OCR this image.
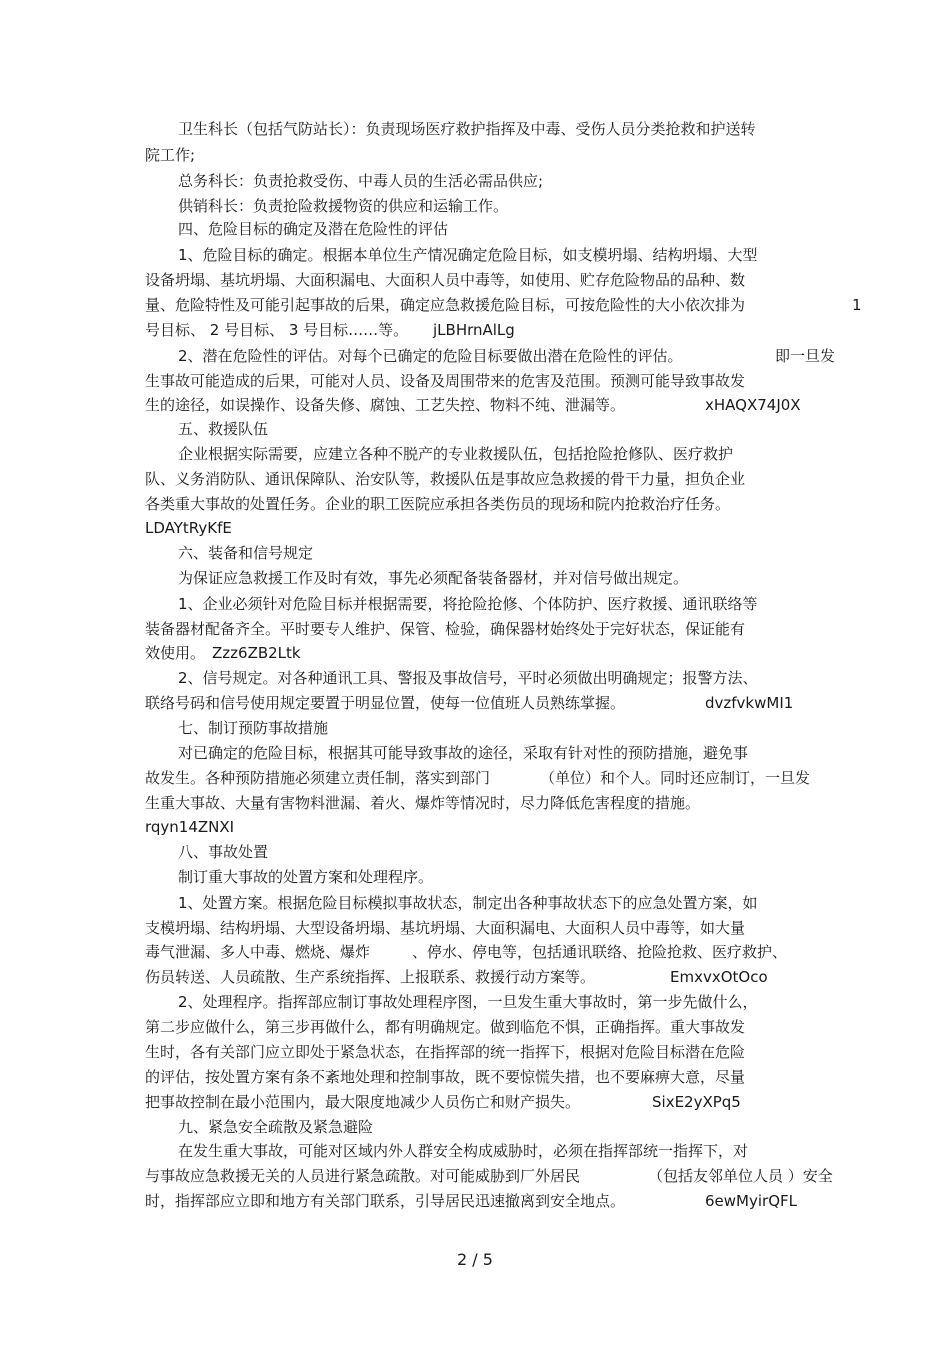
卫生科长（包括气防站长）：负责现场医疗救护指挥及中毒、受伤人员分类抢救和护送转
院工作;
总务科长：负责抢救受伤、中毒人员的生活必需品供应;
供销科长：负责抢险救援物资的供应和运输工作。
四、危险目标的确定及潜在危险性的评估
1、危险目标的确定。根据本单位生产情况确定危险目标，如支模坍塌、结构坍塌、大型
设备坍塌、基坑坍塌、大面积漏电、大面积人员中毒等，如使用、贮存危险物品的品种、数
量、危险特性及可能引起事故的后果，确定应急救援危险目标，可按危险性的大小依次排为	1
号目标、 2 号目标、 3 号目标……等。 jLBHrnAlLg
2、潜在危险性的评估。对每个已确定的危险目标要做出潜在危险性的评估。	即一旦发
生事故可能造成的后果，可能对人员、设备及周围带来的危害及范围。预测可能导致事故发
生的途径，如误操作、设备失修、腐蚀、工艺失控、物料不纯、泄漏等。	xHAQX74J0X
五、救援队伍
企业根据实际需要，应建立各种不脱产的专业救援队伍，包括抢险抢修队、医疗救护
队、义务消防队、通讯保障队、治安队等，救援队伍是事故应急救援的骨干力量，担负企业
各类重大事故的处置任务。企业的职工医院应承担各类伤员的现场和院内抢救治疗任务。
LDAYtRyKfE
六、装备和信号规定
为保证应急救援工作及时有效，事先必须配备装备器材，并对信号做出规定。
1、企业必须针对危险目标并根据需要，将抢险抢修、个体防护、医疗救援、通讯联络等
装备器材配备齐全。平时要专人维护、保管、检验，确保器材始终处于完好状态，保证能有
效使用。 Zzz6ZB2Ltk
2、信号规定。对各种通讯工具、警报及事故信号，平时必须做出明确规定；报警方法、
联络号码和信号使用规定要置于明显位置，使每一位值班人员熟练掌握。	dvzfvkwMI1
七、制订预防事故措施
对已确定的危险目标，根据其可能导致事故的途径，采取有针对性的预防措施，避免事
故发生。各种预防措施必须建立责任制，落实到部门	（单位）和个人。同时还应制订，一旦发
生重大事故、大量有害物料泄漏、着火、爆炸等情况时，尽力降低危害程度的措施。
rqyn14ZNXI
八、事故处置
制订重大事故的处置方案和处理程序。
1、处置方案。根据危险目标模拟事故状态，制定出各种事故状态下的应急处置方案，如
支模坍塌、结构坍塌、大型设备坍塌、基坑坍塌、大面积漏电、大面积人员中毒等，如大量
毒气泄漏、多人中毒、燃烧、爆炸	、停水、停电等，包括通讯联络、抢险抢救、医疗救护、
伤员转送、人员疏散、生产系统指挥、上报联系、救援行动方案等。	EmxvxOtOco
2、处理程序。指挥部应制订事故处理程序图，一旦发生重大事故时，第一步先做什么，
第二步应做什么，第三步再做什么，都有明确规定。做到临危不惧，正确指挥。重大事故发
生时，各有关部门应立即处于紧急状态，在指挥部的统一指挥下，根据对危险目标潜在危险
的评估，按处置方案有条不紊地处理和控制事故，既不要惊慌失措，也不要麻痹大意，尽量
把事故控制在最小范围内，最大限度地减少人员伤亡和财产损失。	SixE2yXPq5
九、紧急安全疏散及紧急避险
在发生重大事故，可能对区域内外人群安全构成威胁时，必须在指挥部统一指挥下，对
与事故应急救援无关的人员进行紧急疏散。对可能威胁到厂外居民	（包括友邻单位人员 ）安全
时，指挥部应立即和地方有关部门联系，引导居民迅速撤离到安全地点。	6ewMyirQFL
2 / 5
